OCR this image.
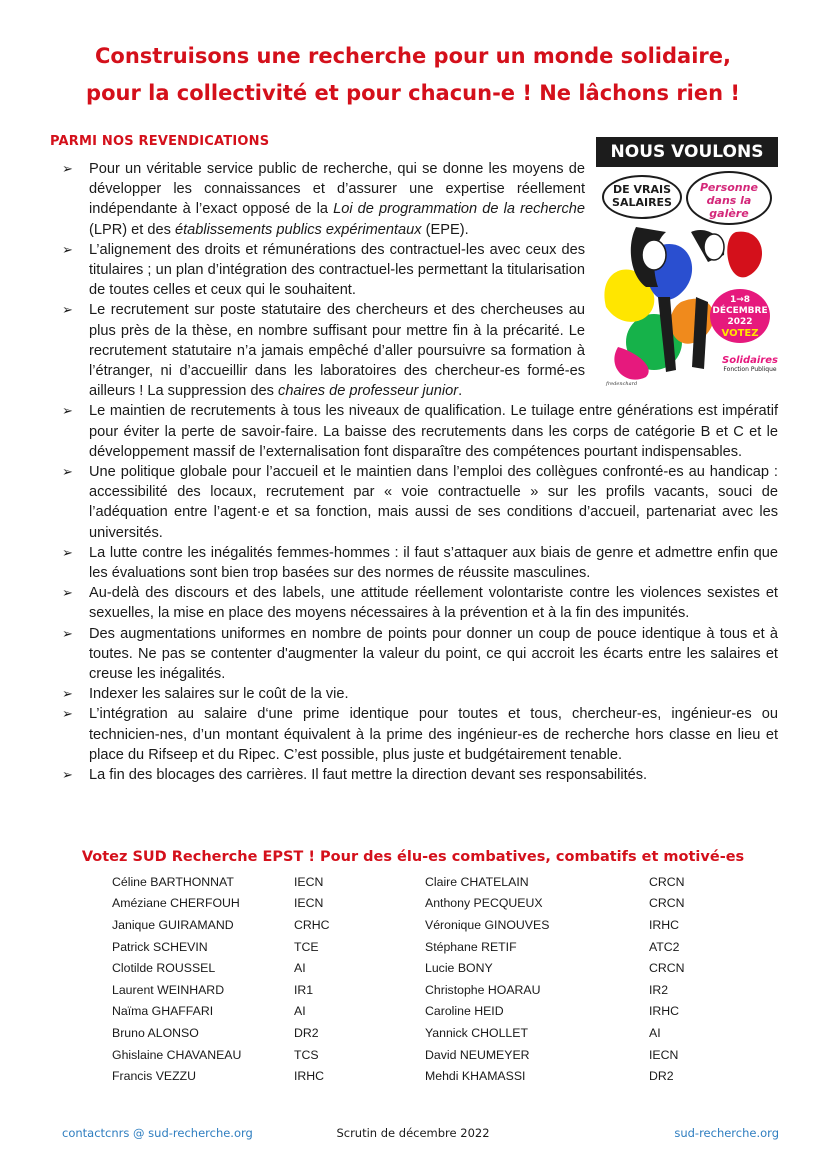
Construisons une recherche pour un monde solidaire,
pour la collectivité et pour chacun-e ! Ne lâchons rien !
PARMI NOS REVENDICATIONS
➢ Pour un véritable service public de recherche, qui se donne les moyens de développer les connaissances et d’assurer une expertise réellement indépendante à l’exact opposé de la Loi de programmation de la recherche (LPR) et des établissements publics expérimentaux (EPE).
➢ L’alignement des droits et rémunérations des contractuel-les avec ceux des titulaires ; un plan d’intégration des contractuel-les permettant la titularisation de toutes celles et ceux qui le souhaitent.
➢ Le recrutement sur poste statutaire des chercheurs et des chercheuses au plus près de la thèse, en nombre suffisant pour mettre fin à la précarité. Le recrutement statutaire n’a jamais empêché d’aller poursuivre sa formation à l’étranger, ni d’accueillir dans les laboratoires des chercheur-es formé-es ailleurs ! La suppression des chaires de professeur junior.
➢ Le maintien de recrutements à tous les niveaux de qualification. Le tuilage entre générations est impératif pour éviter la perte de savoir-faire. La baisse des recrutements dans les corps de catégorie B et C et le développement massif de l’externalisation font disparaître des compétences pourtant indispensables.
➢ Une politique globale pour l’accueil et le maintien dans l’emploi des collègues confronté-es au handicap : accessibilité des locaux, recrutement par « voie contractuelle » sur les profils vacants, souci de l’adéquation entre l’agent·e et sa fonction, mais aussi de ses conditions d’accueil, partenariat avec les universités.
➢ La lutte contre les inégalités femmes-hommes : il faut s’attaquer aux biais de genre et admettre enfin que les évaluations sont bien trop basées sur des normes de réussite masculines.
➢ Au-delà des discours et des labels, une attitude réellement volontariste contre les violences sexistes et sexuelles, la mise en place des moyens nécessaires à la prévention et à la fin des impunités.
➢ Des augmentations uniformes en nombre de points pour donner un coup de pouce identique à tous et à toutes. Ne pas se contenter d'augmenter la valeur du point, ce qui accroit les écarts entre les salaires et creuse les inégalités.
➢ Indexer les salaires sur le coût de la vie.
➢ L’intégration au salaire d‘une prime identique pour toutes et tous, chercheur-es, ingénieur-es ou technicien-nes, d’un montant équivalent à la prime des ingénieur-es de recherche hors classe en lieu et place du Rifseep et du Ripec. C’est possible, plus juste et budgétairement tenable.
➢ La fin des blocages des carrières. Il faut mettre la direction devant ses responsabilités.
NOUS VOULONS
DE VRAIS SALAIRES
Personne dans la galère
1→8 DÉCEMBRE 2022
VOTEZ
Solidaires
Fonction Publique
fredenchard
Votez SUD Recherche EPST ! Pour des élu-es combatives, combatifs et motivé-es
Céline BARTHONNAT	IECN	Claire CHATELAIN	CRCN
Améziane CHERFOUH	IECN	Anthony PECQUEUX	CRCN
Janique GUIRAMAND	CRHC	Véronique GINOUVES	IRHC
Patrick SCHEVIN	TCE	Stéphane RETIF	ATC2
Clotilde ROUSSEL	AI	Lucie BONY	CRCN
Laurent WEINHARD	IR1	Christophe HOARAU	IR2
Naïma GHAFFARI	AI	Caroline HEID	IRHC
Bruno ALONSO	DR2	Yannick CHOLLET	AI
Ghislaine CHAVANEAU	TCS	David NEUMEYER	IECN
Francis VEZZU	IRHC	Mehdi KHAMASSI	DR2
contactcnrs @ sud-recherche.org	Scrutin de décembre 2022	sud-recherche.org
